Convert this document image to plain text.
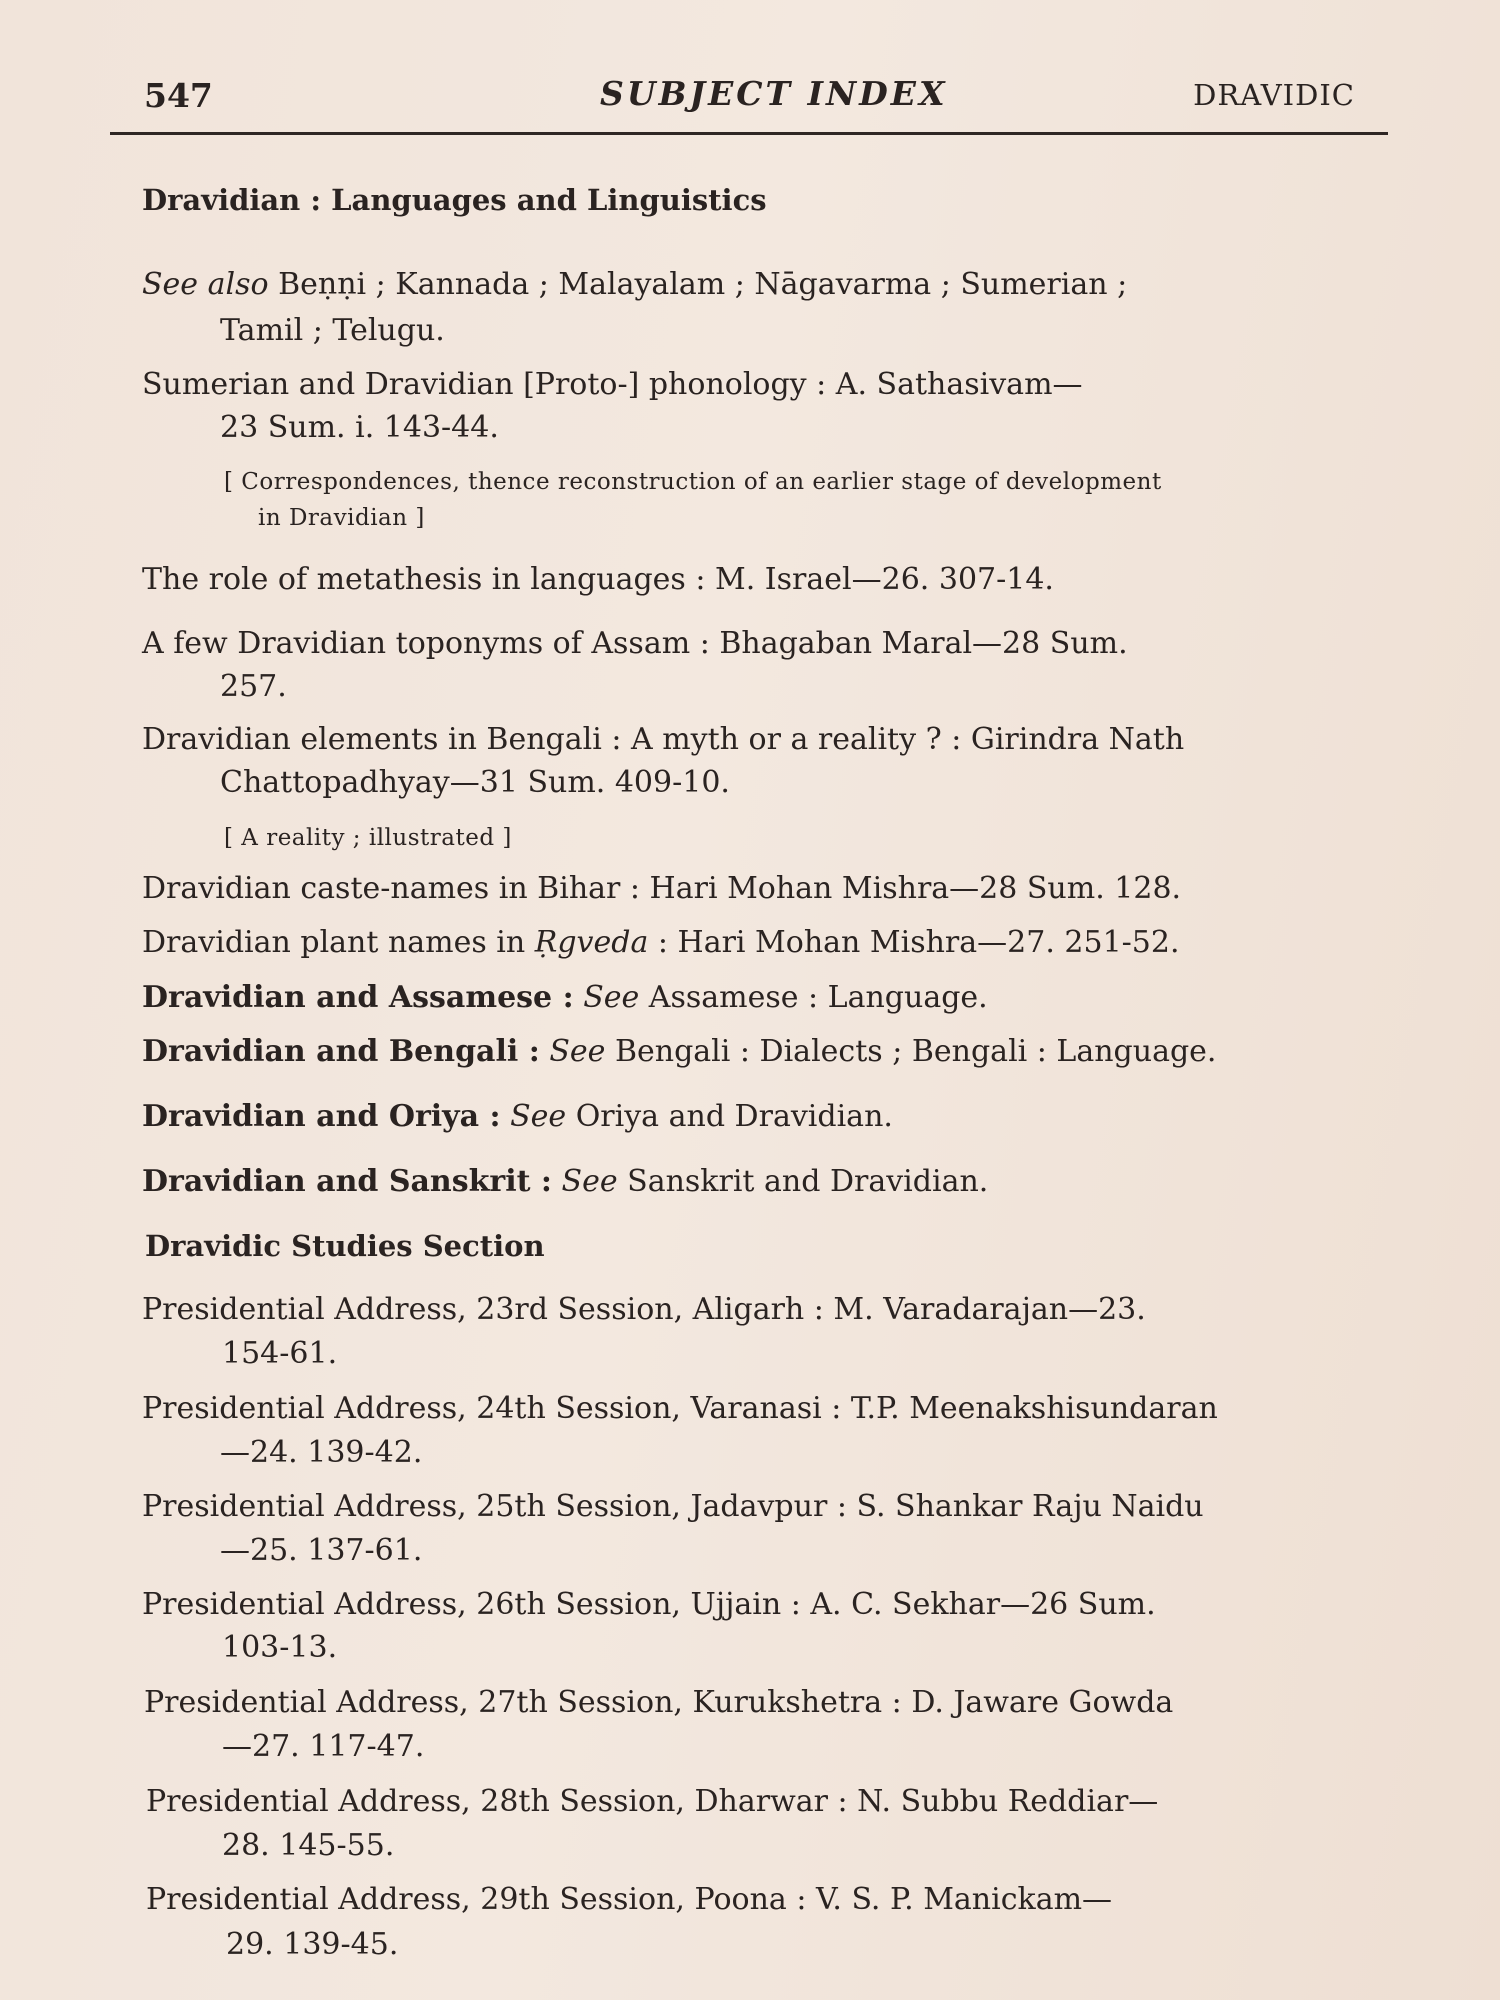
547	SUBJECT INDEX	DRAVIDIC
Dravidian : Languages and Linguistics
See also Beṇṇi ; Kannada ; Malayalam ; Nāgavarma ; Sumerian ;
Tamil ; Telugu.
Sumerian and Dravidian [Proto-] phonology : A. Sathasivam—
23 Sum. i. 143-44.
[ Correspondences, thence reconstruction of an earlier stage of development
in Dravidian ]
The role of metathesis in languages : M. Israel—26. 307-14.
A few Dravidian toponyms of Assam : Bhagaban Maral—28 Sum.
257.
Dravidian elements in Bengali : A myth or a reality ? : Girindra Nath
Chattopadhyay—31 Sum. 409-10.
[ A reality ; illustrated ]
Dravidian caste-names in Bihar : Hari Mohan Mishra—28 Sum. 128.
Dravidian plant names in Ṛgveda : Hari Mohan Mishra—27. 251-52.
Dravidian and Assamese : See Assamese : Language.
Dravidian and Bengali : See Bengali : Dialects ; Bengali : Language.
Dravidian and Oriya : See Oriya and Dravidian.
Dravidian and Sanskrit : See Sanskrit and Dravidian.
Dravidic Studies Section
Presidential Address, 23rd Session, Aligarh : M. Varadarajan—23.
154-61.
Presidential Address, 24th Session, Varanasi : T.P. Meenakshisundaran
—24. 139-42.
Presidential Address, 25th Session, Jadavpur : S. Shankar Raju Naidu
—25. 137-61.
Presidential Address, 26th Session, Ujjain : A. C. Sekhar—26 Sum.
103-13.
Presidential Address, 27th Session, Kurukshetra : D. Jaware Gowda
—27. 117-47.
Presidential Address, 28th Session, Dharwar : N. Subbu Reddiar—
28. 145-55.
Presidential Address, 29th Session, Poona : V. S. P. Manickam—
29. 139-45.
